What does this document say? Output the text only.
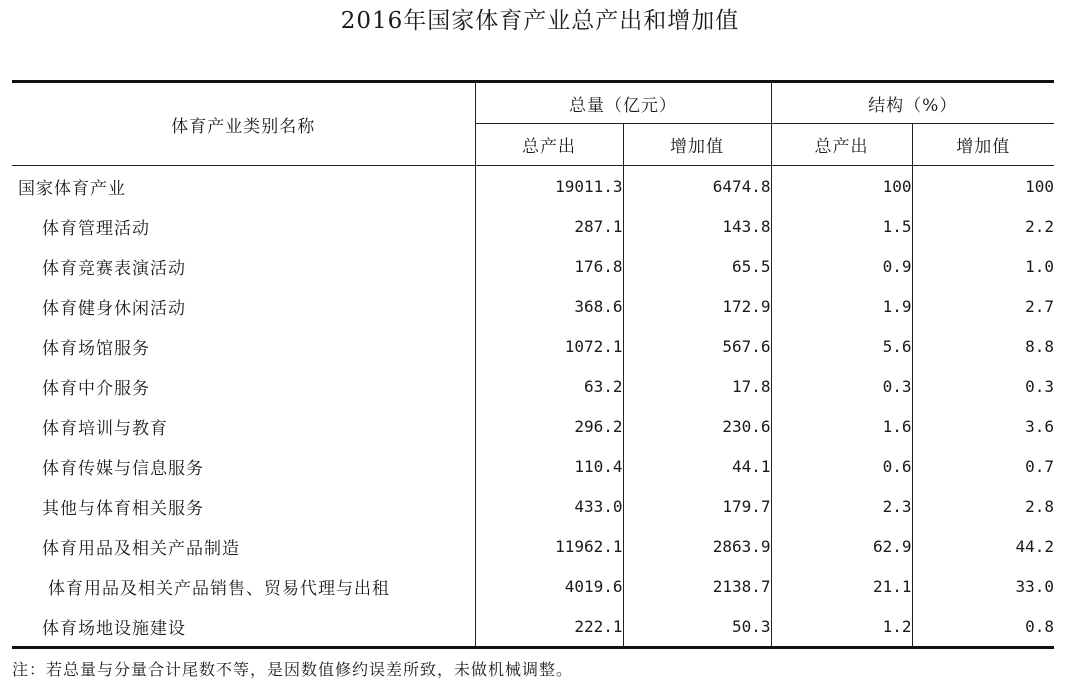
2016年国家体育产业总产出和增加值
体育产业类别名称	总量（亿元）		结构（%）	
	总产出	增加值	总产出	增加值
国家体育产业	19011.3	6474.8	100	100
体育管理活动	287.1	143.8	1.5	2.2
体育竞赛表演活动	176.8	65.5	0.9	1.0
体育健身休闲活动	368.6	172.9	1.9	2.7
体育场馆服务	1072.1	567.6	5.6	8.8
体育中介服务	63.2	17.8	0.3	0.3
体育培训与教育	296.2	230.6	1.6	3.6
体育传媒与信息服务	110.4	44.1	0.6	0.7
其他与体育相关服务	433.0	179.7	2.3	2.8
体育用品及相关产品制造	11962.1	2863.9	62.9	44.2
体育用品及相关产品销售、贸易代理与出租	4019.6	2138.7	21.1	33.0
体育场地设施建设	222.1	50.3	1.2	0.8
注：若总量与分量合计尾数不等，是因数值修约误差所致，未做机械调整。
